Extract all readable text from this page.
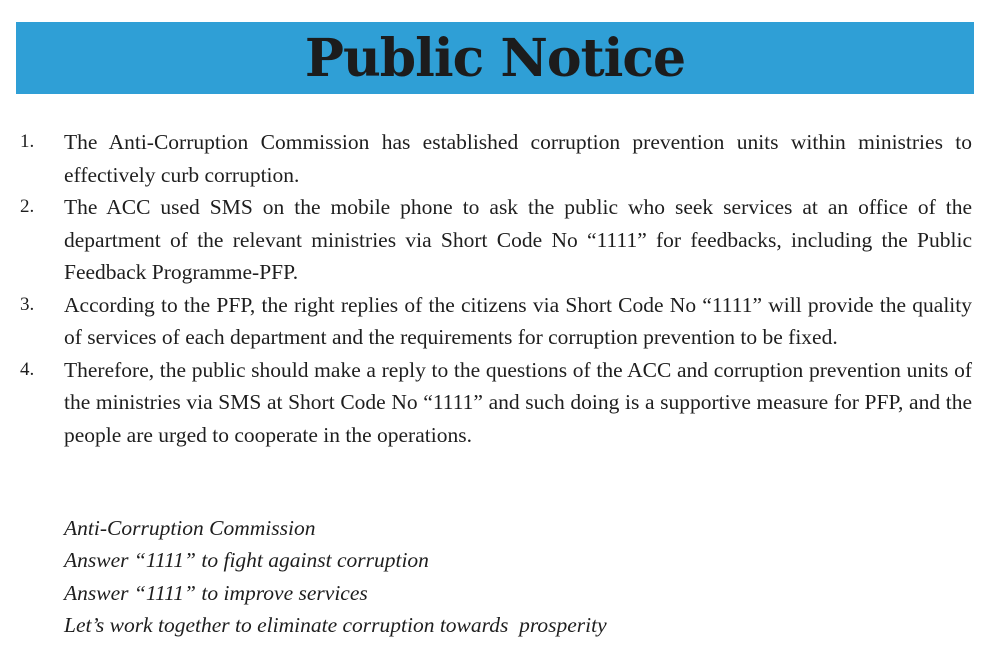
Public Notice
1. The Anti-Corruption Commission has established corruption prevention units within ministries to effectively curb corruption.
2. The ACC used SMS on the mobile phone to ask the public who seek services at an office of the department of the relevant ministries via Short Code No “1111” for feedbacks, including the Public Feedback Programme-PFP.
3. According to the PFP, the right replies of the citizens via Short Code No “1111” will provide the quality of services of each department and the requirements for corruption prevention to be fixed.
4. Therefore, the public should make a reply to the questions of the ACC and corruption prevention units of the ministries via SMS at Short Code No “1111” and such doing is a supportive measure for PFP, and the people are urged to cooperate in the operations.
Anti-Corruption Commission
Answer “1111” to fight against corruption
Answer “1111” to improve services
Let’s work together to eliminate corruption towards  prosperity
